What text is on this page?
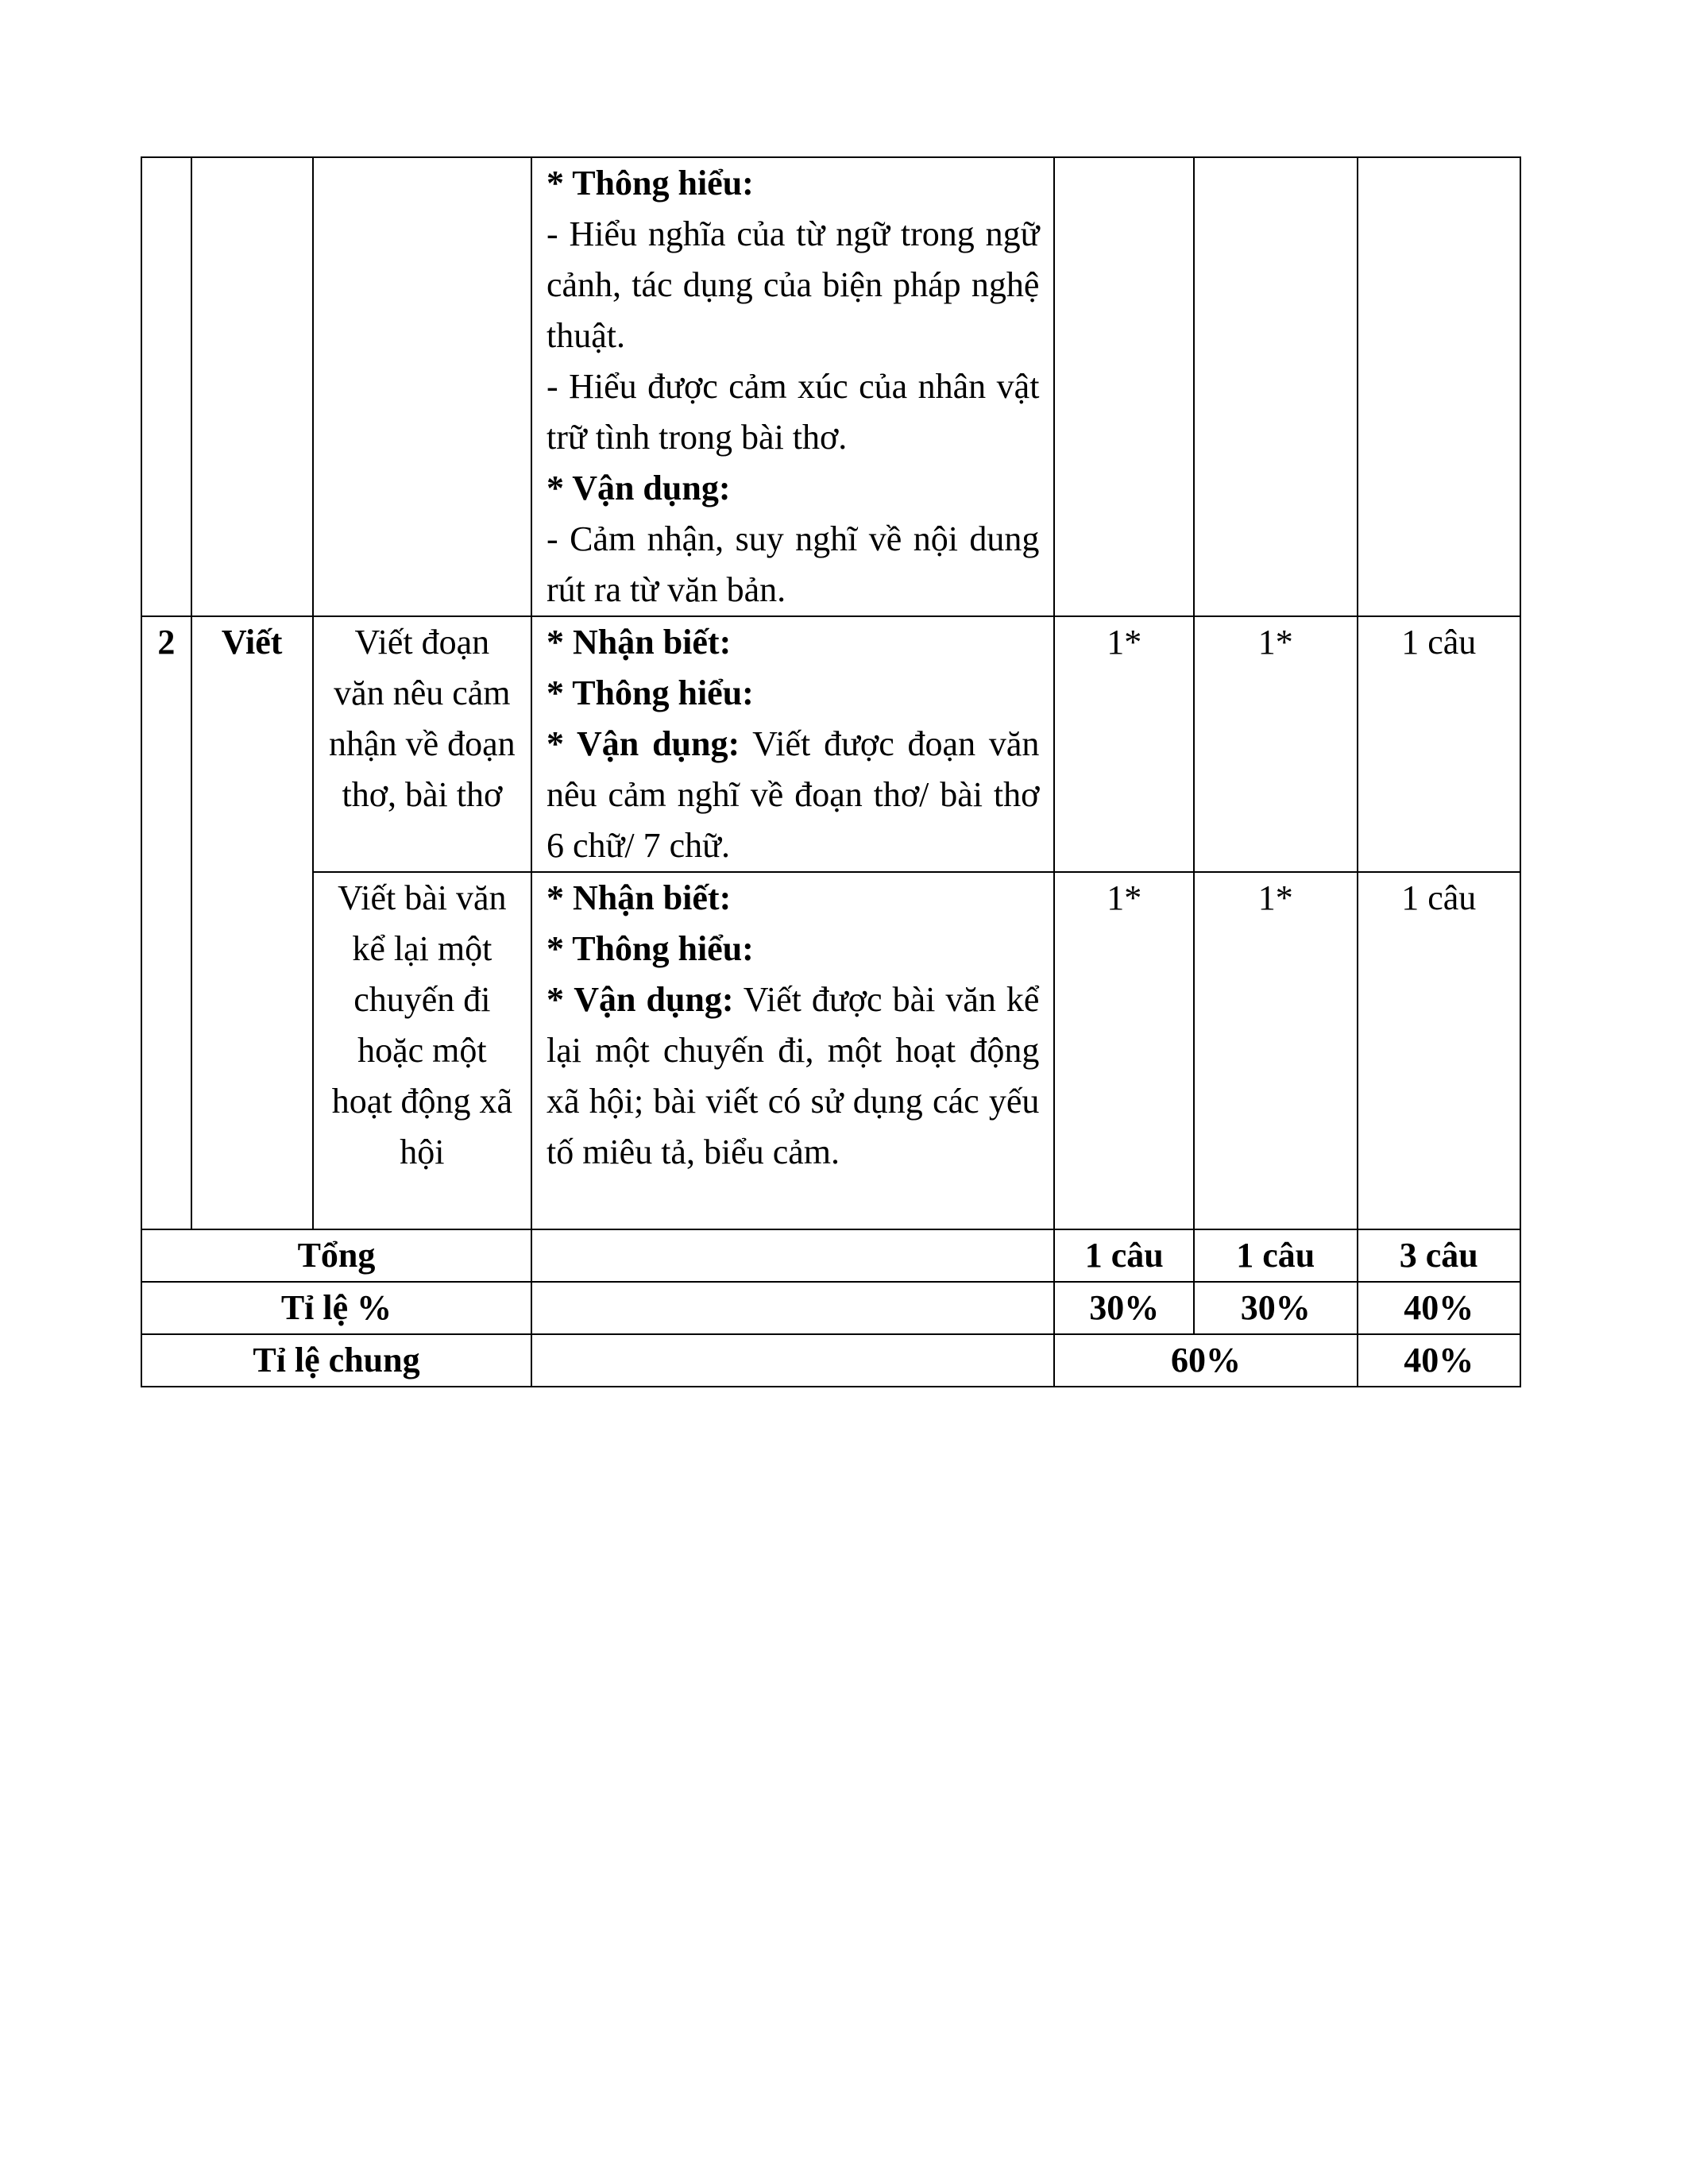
			* Thông hiểu:
- Hiểu nghĩa của từ ngữ trong ngữ cảnh, tác dụng của biện pháp nghệ thuật.
- Hiểu được cảm xúc của nhân vật trữ tình trong bài thơ.
* Vận dụng:
- Cảm nhận, suy nghĩ về nội dung rút ra từ văn bản.			

2	Viết	Viết đoạn văn nêu cảm nhận về đoạn thơ, bài thơ	* Nhận biết:
* Thông hiểu:
* Vận dụng: Viết được đoạn văn nêu cảm nghĩ về đoạn thơ/ bài thơ 6 chữ/ 7 chữ.	1*	1*	1 câu
		Viết bài văn kể lại một chuyến đi hoặc một hoạt động xã hội	* Nhận biết:
* Thông hiểu:
* Vận dụng: Viết được bài văn kể lại một chuyến đi, một hoạt động xã hội; bài viết có sử dụng các yếu tố miêu tả, biểu cảm.	1*	1*	1 câu
Tổng				1 câu	1 câu	3 câu
Tỉ lệ %				30%	30%	40%
Tỉ lệ chung				60%		40%
